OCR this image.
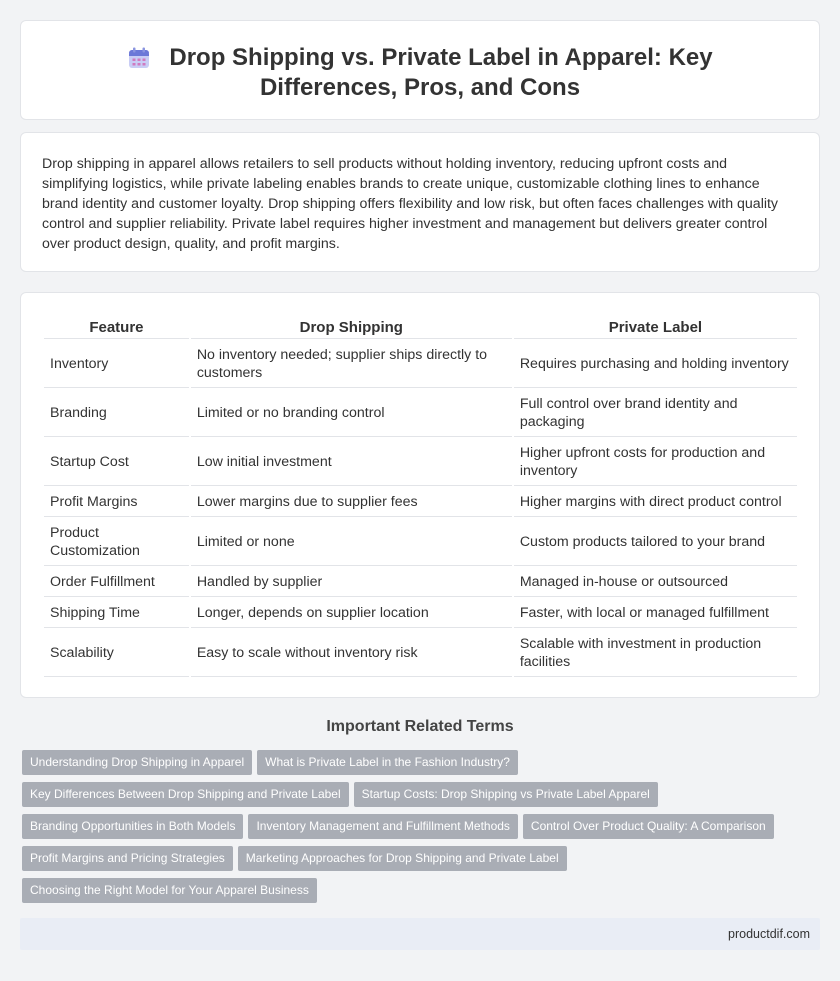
Drop Shipping vs. Private Label in Apparel: Key Differences, Pros, and Cons

Drop shipping in apparel allows retailers to sell products without holding inventory, reducing upfront costs and simplifying logistics, while private labeling enables brands to create unique, customizable clothing lines to enhance brand identity and customer loyalty. Drop shipping offers flexibility and low risk, but often faces challenges with quality control and supplier reliability. Private label requires higher investment and management but delivers greater control over product design, quality, and profit margins.

Feature	Drop Shipping	Private Label
Inventory	No inventory needed; supplier ships directly to customers	Requires purchasing and holding inventory
Branding	Limited or no branding control	Full control over brand identity and packaging
Startup Cost	Low initial investment	Higher upfront costs for production and inventory
Profit Margins	Lower margins due to supplier fees	Higher margins with direct product control
Product Customization	Limited or none	Custom products tailored to your brand
Order Fulfillment	Handled by supplier	Managed in-house or outsourced
Shipping Time	Longer, depends on supplier location	Faster, with local or managed fulfillment
Scalability	Easy to scale without inventory risk	Scalable with investment in production facilities
Important Related Terms
Understanding Drop Shipping in Apparel What is Private Label in the Fashion Industry?
Key Differences Between Drop Shipping and Private Label Startup Costs: Drop Shipping vs Private Label Apparel
Branding Opportunities in Both Models Inventory Management and Fulfillment Methods Control Over Product Quality: A Comparison
Profit Margins and Pricing Strategies Marketing Approaches for Drop Shipping and Private Label
Choosing the Right Model for Your Apparel Business
productdif.com
